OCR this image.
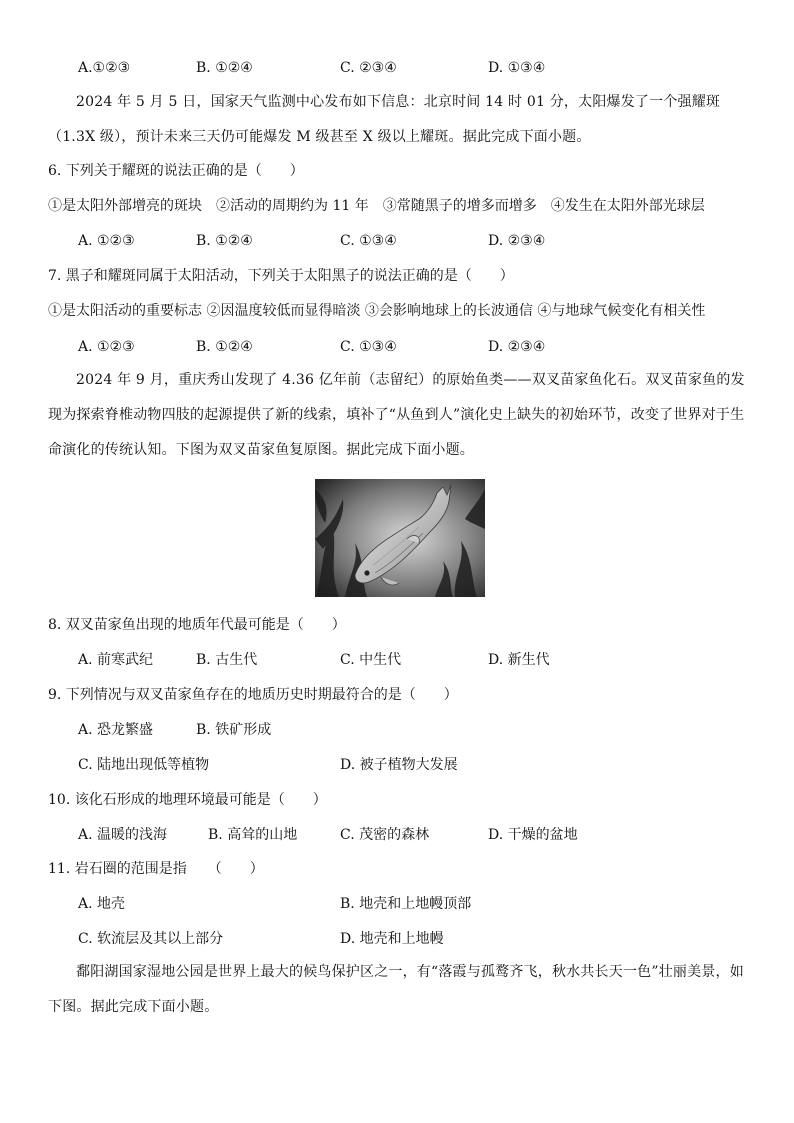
A.①②③	B. ①②④	C. ②③④	D. ①③④
2024 年 5 月 5 日，国家天气监测中心发布如下信息：北京时间 14 时 01 分，太阳爆发了一个强耀斑（1.3X 级），预计未来三天仍可能爆发 M 级甚至 X 级以上耀斑。据此完成下面小题。
6. 下列关于耀斑的说法正确的是（　　）
①是太阳外部增亮的斑块　②活动的周期约为 11 年　③常随黑子的增多而增多　④发生在太阳外部光球层
A. ①②③	B. ①②④	C. ①③④	D. ②③④
7. 黑子和耀斑同属于太阳活动，下列关于太阳黑子的说法正确的是（　　）
①是太阳活动的重要标志 ②因温度较低而显得暗淡 ③会影响地球上的长波通信 ④与地球气候变化有相关性
A. ①②③	B. ①②④	C. ①③④	D. ②③④
2024 年 9 月，重庆秀山发现了 4.36 亿年前（志留纪）的原始鱼类——双叉苗家鱼化石。双叉苗家鱼的发现为探索脊椎动物四肢的起源提供了新的线索，填补了“从鱼到人”演化史上缺失的初始环节，改变了世界对于生命演化的传统认知。下图为双叉苗家鱼复原图。据此完成下面小题。
8. 双叉苗家鱼出现的地质年代最可能是（　　）
A. 前寒武纪	B. 古生代	C. 中生代	D. 新生代
9. 下列情况与双叉苗家鱼存在的地质历史时期最符合的是（　　）
A. 恐龙繁盛	B. 铁矿形成
C. 陆地出现低等植物	D. 被子植物大发展
10. 该化石形成的地理环境最可能是（　　）
A. 温暖的浅海	B. 高耸的山地	C. 茂密的森林	D. 干燥的盆地
11. 岩石圈的范围是指　　（　　）
A. 地壳	B. 地壳和上地幔顶部
C. 软流层及其以上部分	D. 地壳和上地幔
鄱阳湖国家湿地公园是世界上最大的候鸟保护区之一，有“落霞与孤鹜齐飞，秋水共长天一色”壮丽美景，如下图。据此完成下面小题。
